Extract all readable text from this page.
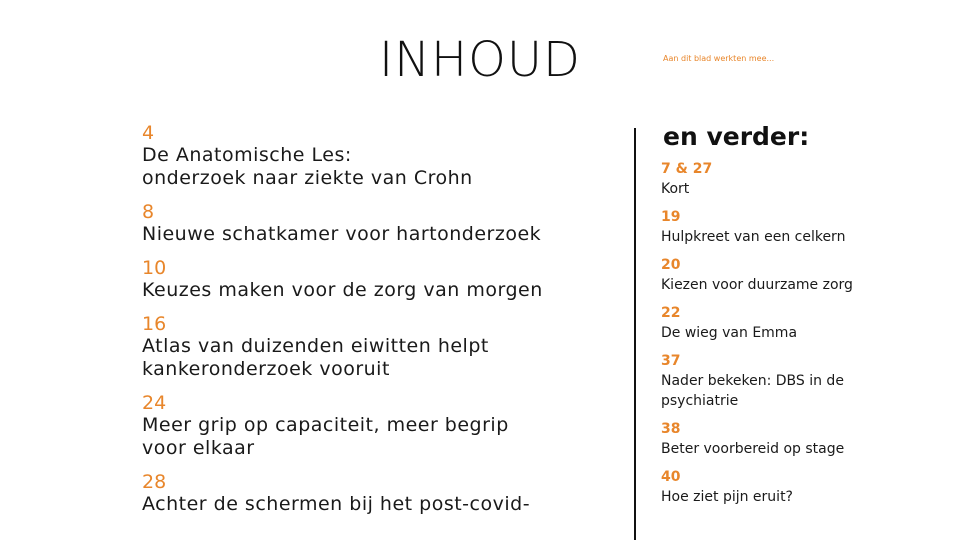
INHOUD	Aan dit blad werkten mee...
4
De Anatomische Les:
onderzoek naar ziekte van Crohn
8
Nieuwe schatkamer voor hartonderzoek
10
Keuzes maken voor de zorg van morgen
16
Atlas van duizenden eiwitten helpt
kankeronderzoek vooruit
24
Meer grip op capaciteit, meer begrip
voor elkaar
28
Achter de schermen bij het post-covid-
en verder:
7 & 27
Kort
19
Hulpkreet van een celkern
20
Kiezen voor duurzame zorg
22
De wieg van Emma
37
Nader bekeken: DBS in de
psychiatrie
38
Beter voorbereid op stage
40
Hoe ziet pijn eruit?
